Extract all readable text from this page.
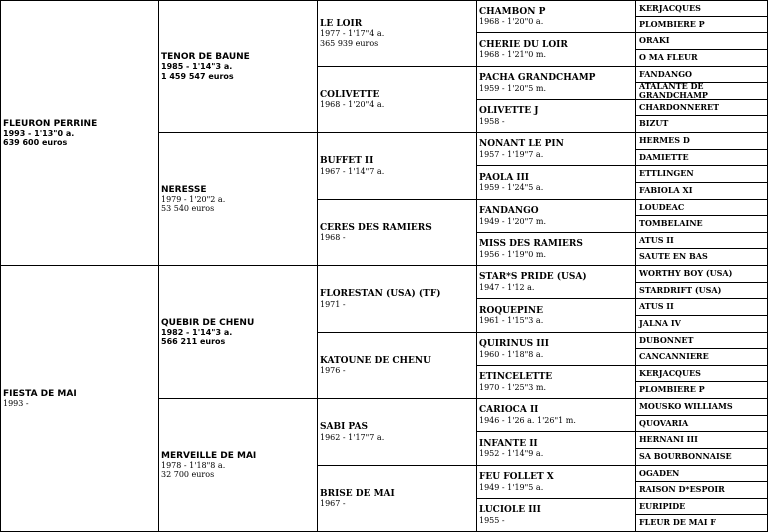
FLEURON PERRINE
1993 - 1'13"0 a.
639 600 euros
FIESTA DE MAI
1993 -
TENOR DE BAUNE
1985 - 1'14"3 a.
1 459 547 euros
NERESSE
1979 - 1'20"2 a.
53 540 euros
QUEBIR DE CHENU
1982 - 1'14"3 a.
566 211 euros
MERVEILLE DE MAI
1978 - 1'18"8 a.
32 700 euros
LE LOIR
1977 - 1'17"4 a.
365 939 euros
COLIVETTE
1968 - 1'20"4 a.
BUFFET II
1967 - 1'14"7 a.
CERES DES RAMIERS
1968 -
FLORESTAN (USA) (TF)
1971 -
KATOUNE DE CHENU
1976 -
SABI PAS
1962 - 1'17"7 a.
BRISE DE MAI
1967 -
CHAMBON P
1968 - 1'20"0 a.
CHERIE DU LOIR
1968 - 1'21"0 m.
PACHA GRANDCHAMP
1959 - 1'20"5 m.
OLIVETTE J
1958 -
NONANT LE PIN
1957 - 1'19"7 a.
PAOLA III
1959 - 1'24"5 a.
FANDANGO
1949 - 1'20"7 m.
MISS DES RAMIERS
1956 - 1'19"0 m.
STAR*S PRIDE (USA)
1947 - 1'12 a.
ROQUEPINE
1961 - 1'15"3 a.
QUIRINUS III
1960 - 1'18"8 a.
ETINCELETTE
1970 - 1'25"3 m.
CARIOCA II
1946 - 1'26 a. 1'26"1 m.
INFANTE II
1952 - 1'14"9 a.
FEU FOLLET X
1949 - 1'19"5 a.
LUCIOLE III
1955 -
KERJACQUES
PLOMBIERE P
ORAKI
O MA FLEUR
FANDANGO
ATALANTE DE GRANDCHAMP
CHARDONNERET
BIZUT
HERMES D
DAMIETTE
ETTLINGEN
FABIOLA XI
LOUDEAC
TOMBELAINE
ATUS II
SAUTE EN BAS
WORTHY BOY (USA)
STARDRIFT (USA)
ATUS II
JALNA IV
DUBONNET
CANCANNIERE
KERJACQUES
PLOMBIERE P
MOUSKO WILLIAMS
QUOVARIA
HERNANI III
SA BOURBONNAISE
OGADEN
RAISON D*ESPOIR
EURIPIDE
FLEUR DE MAI F
